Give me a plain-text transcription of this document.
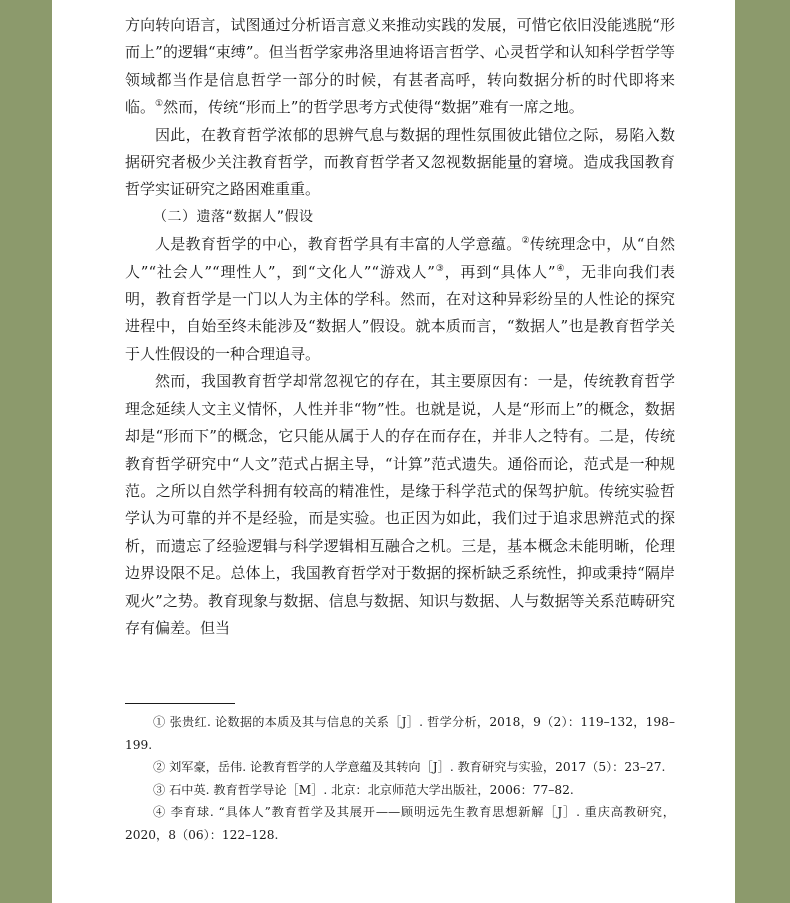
方向转向语言，试图通过分析语言意义来推动实践的发展，可惜它依旧没能逃脱“形而上”的逻辑“束缚”。但当哲学家弗洛里迪将语言哲学、心灵哲学和认知科学哲学等领域都当作是信息哲学一部分的时候，有甚者高呼，转向数据分析的时代即将来临。①然而，传统“形而上”的哲学思考方式使得“数据”难有一席之地。

因此，在教育哲学浓郁的思辨气息与数据的理性氛围彼此错位之际，易陷入数据研究者极少关注教育哲学，而教育哲学者又忽视数据能量的窘境。造成我国教育哲学实证研究之路困难重重。

（二）遗落“数据人”假设

人是教育哲学的中心，教育哲学具有丰富的人学意蕴。②传统理念中，从“自然人”“社会人”“理性人”，到“文化人”“游戏人”③，再到“具体人”④，无非向我们表明，教育哲学是一门以人为主体的学科。然而，在对这种异彩纷呈的人性论的探究进程中，自始至终未能涉及“数据人”假设。就本质而言，“数据人”也是教育哲学关于人性假设的一种合理追寻。

然而，我国教育哲学却常忽视它的存在，其主要原因有：一是，传统教育哲学理念延续人文主义情怀，人性并非“物”性。也就是说，人是“形而上”的概念，数据却是“形而下”的概念，它只能从属于人的存在而存在，并非人之特有。二是，传统教育哲学研究中“人文”范式占据主导，“计算”范式遗失。通俗而论，范式是一种规范。之所以自然学科拥有较高的精准性，是缘于科学范式的保驾护航。传统实验哲学认为可靠的并不是经验，而是实验。也正因为如此，我们过于追求思辨范式的探析，而遗忘了经验逻辑与科学逻辑相互融合之机。三是，基本概念未能明晰，伦理边界设限不足。总体上，我国教育哲学对于数据的探析缺乏系统性，抑或秉持“隔岸观火”之势。教育现象与数据、信息与数据、知识与数据、人与数据等关系范畴研究存有偏差。但当

① 张贵红. 论数据的本质及其与信息的关系［J］. 哲学分析，2018，9（2）：119–132，198–199.

② 刘军豪，岳伟. 论教育哲学的人学意蕴及其转向［J］. 教育研究与实验，2017（5）：23–27.

③ 石中英. 教育哲学导论［M］. 北京：北京师范大学出版社，2006：77–82.

④ 李育球. “具体人”教育哲学及其展开——顾明远先生教育思想新解［J］. 重庆高教研究，2020，8（06）：122–128.
